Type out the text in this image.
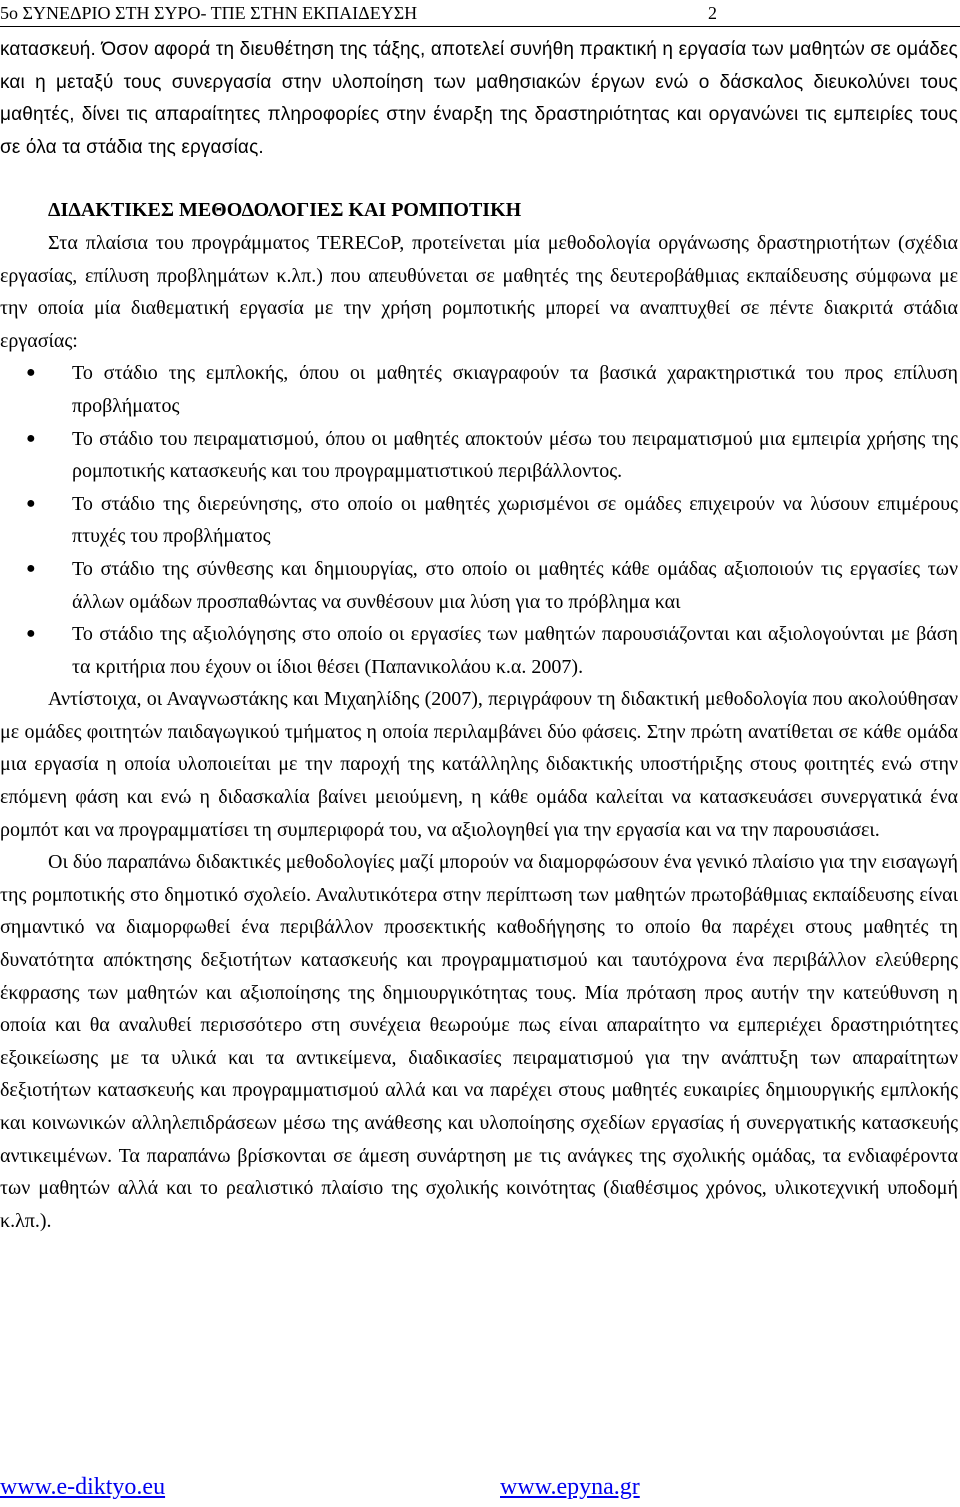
5ο ΣΥΝΕΔΡΙΟ ΣΤΗ ΣΥΡΟ- ΤΠΕ ΣΤΗΝ ΕΚΠΑΙΔΕΥΣΗ	2

κατασκευή. Όσον αφορά τη διευθέτηση της τάξης, αποτελεί συνήθη πρακτική η εργασία των μαθητών σε ομάδες και η μεταξύ τους συνεργασία στην υλοποίηση των μαθησιακών έργων ενώ ο δάσκαλος διευκολύνει τους μαθητές, δίνει τις απαραίτητες πληροφορίες στην έναρξη της δραστηριότητας και οργανώνει τις εμπειρίες τους σε όλα τα στάδια της εργασίας.

ΔΙΔΑΚΤΙΚΕΣ ΜΕΘΟΔΟΛΟΓΙΕΣ ΚΑΙ ΡΟΜΠΟΤΙΚΗ

Στα πλαίσια του προγράμματος TERECoP, προτείνεται μία μεθοδολογία οργάνωσης δραστηριοτήτων (σχέδια εργασίας, επίλυση προβλημάτων κ.λπ.) που απευθύνεται σε μαθητές της δευτεροβάθμιας εκπαίδευσης σύμφωνα με την οποία μία διαθεματική εργασία με την χρήση ρομποτικής μπορεί να αναπτυχθεί σε πέντε διακριτά στάδια εργασίας:

● Το στάδιο της εμπλοκής, όπου οι μαθητές σκιαγραφούν τα βασικά χαρακτηριστικά του προς επίλυση προβλήματος
● Το στάδιο του πειραματισμού, όπου οι μαθητές αποκτούν μέσω του πειραματισμού μια εμπειρία χρήσης της ρομποτικής κατασκευής και του προγραμματιστικού περιβάλλοντος.
● Το στάδιο της διερεύνησης, στο οποίο οι μαθητές χωρισμένοι σε ομάδες επιχειρούν να λύσουν επιμέρους πτυχές του προβλήματος
● Το στάδιο της σύνθεσης και δημιουργίας, στο οποίο οι μαθητές κάθε ομάδας αξιοποιούν τις εργασίες των άλλων ομάδων προσπαθώντας να συνθέσουν μια λύση για το πρόβλημα και
● Το στάδιο της αξιολόγησης στο οποίο οι εργασίες των μαθητών παρουσιάζονται και αξιολογούνται με βάση τα κριτήρια που έχουν οι ίδιοι θέσει (Παπανικολάου κ.α. 2007).

Αντίστοιχα, οι Αναγνωστάκης και Μιχαηλίδης (2007), περιγράφουν τη διδακτική μεθοδολογία που ακολούθησαν με ομάδες φοιτητών παιδαγωγικού τμήματος η οποία περιλαμβάνει δύο φάσεις. Στην πρώτη ανατίθεται σε κάθε ομάδα μια εργασία η οποία υλοποιείται με την παροχή της κατάλληλης διδακτικής υποστήριξης στους φοιτητές ενώ στην επόμενη φάση και ενώ η διδασκαλία βαίνει μειούμενη, η κάθε ομάδα καλείται να κατασκευάσει συνεργατικά ένα ρομπότ και να προγραμματίσει τη συμπεριφορά του, να αξιολογηθεί για την εργασία και να την παρουσιάσει.

Οι δύο παραπάνω διδακτικές μεθοδολογίες μαζί μπορούν να διαμορφώσουν ένα γενικό πλαίσιο για την εισαγωγή της ρομποτικής στο δημοτικό σχολείο. Αναλυτικότερα στην περίπτωση των μαθητών πρωτοβάθμιας εκπαίδευσης είναι σημαντικό να διαμορφωθεί ένα περιβάλλον προσεκτικής καθοδήγησης το οποίο θα παρέχει στους μαθητές τη δυνατότητα απόκτησης δεξιοτήτων κατασκευής και προγραμματισμού και ταυτόχρονα ένα περιβάλλον ελεύθερης έκφρασης των μαθητών και αξιοποίησης της δημιουργικότητας τους. Μία πρόταση προς αυτήν την κατεύθυνση η οποία και θα αναλυθεί περισσότερο στη συνέχεια θεωρούμε πως είναι απαραίτητο να εμπεριέχει δραστηριότητες εξοικείωσης με τα υλικά και τα αντικείμενα, διαδικασίες πειραματισμού για την ανάπτυξη των απαραίτητων δεξιοτήτων κατασκευής και προγραμματισμού αλλά και να παρέχει στους μαθητές ευκαιρίες δημιουργικής εμπλοκής και κοινωνικών αλληλεπιδράσεων μέσω της ανάθεσης και υλοποίησης σχεδίων εργασίας ή συνεργατικής κατασκευής αντικειμένων. Τα παραπάνω βρίσκονται σε άμεση συνάρτηση με τις ανάγκες της σχολικής ομάδας, τα ενδιαφέροντα των μαθητών αλλά και το ρεαλιστικό πλαίσιο της σχολικής κοινότητας (διαθέσιμος χρόνος, υλικοτεχνική υποδομή κ.λπ.).

www.e-diktyo.eu	www.epyna.gr
